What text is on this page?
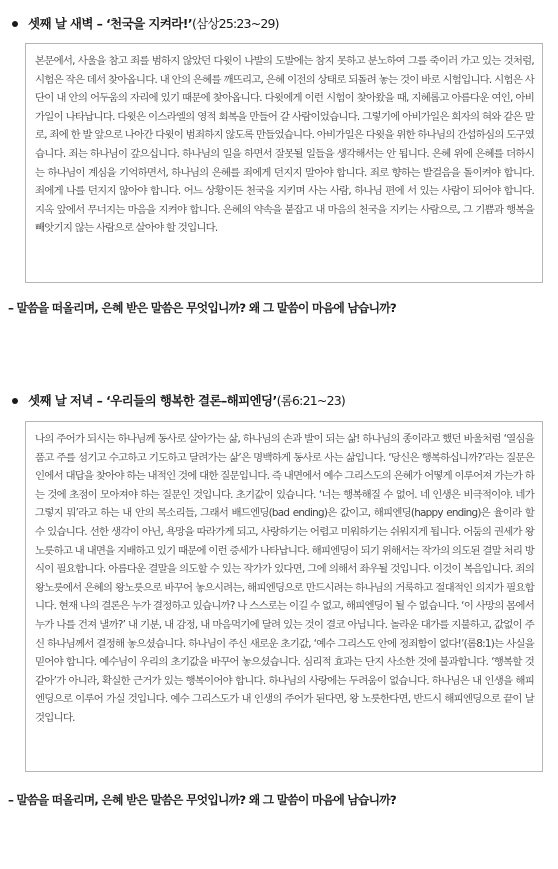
셋째 날 새벽 – ‘천국을 지켜라!’(삼상25:23~29)
본문에서, 사울을 참고 죄를 범하지 않았던 다윗이 나발의 도발에는 참지 못하고 분노하여 그를 죽이러 가고 있는 것처럼, 시험은 작은 데서 찾아옵니다. 내 안의 은혜를 깨뜨리고, 은혜 이전의 상태로 되돌려 놓는 것이 바로 시험입니다. 시험은 사단이 내 안의 어두움의 자리에 있기 때문에 찾아옵니다. 다윗에게 이런 시험이 찾아왔을 때, 지혜롭고 아름다운 여인, 아비가일이 나타납니다. 다윗은 이스라엘의 영적 회복을 만들어 갈 사람이었습니다. 그렇기에 아비가일은 희자의 혀와 같은 말로, 죄에 한 발 앞으로 나아간 다윗이 범죄하지 않도록 만들었습니다. 아비가일은 다윗을 위한 하나님의 간섭하심의 도구였습니다. 죄는 하나님이 갚으십니다. 하나님의 일을 하면서 잘못될 일들을 생각해서는 안 됩니다. 은혜 위에 은혜를 더하시는 하나님이 계심을 기억하면서, 하나님의 은혜를 죄에게 던지지 말아야 합니다. 죄로 향하는 발걸음을 돌이켜야 합니다. 죄에게 나를 던지지 않아야 합니다. 어느 상황이든 천국을 지키며 사는 사람, 하나님 편에 서 있는 사람이 되어야 합니다. 지옥 앞에서 무너지는 마음을 지켜야 합니다. 은혜의 약속을 붙잡고 내 마음의 천국을 지키는 사람으로, 그 기쁨과 행복을 빼앗기지 않는 사람으로 살아야 할 것입니다.
– 말씀을 떠올리며, 은혜 받은 말씀은 무엇입니까? 왜 그 말씀이 마음에 남습니까?
셋째 날 저녁 – ‘우리들의 행복한 결론–해피엔딩’(롬6:21~23)
나의 주어가 되시는 하나님께 동사로 살아가는 삶, 하나님의 손과 발이 되는 삶! 하나님의 종이라고 했던 바울처럼 ‘열심을 품고 주를 섬기고 수고하고 기도하고 달려가는 삶’은 명백하게 동사로 사는 삶입니다. ‘당신은 행복하십니까?’라는 질문은 인에서 대답을 찾아야 하는 내적인 것에 대한 질문입니다. 즉 내면에서 예수 그리스도의 은혜가 어떻게 이루어져 가는가 하는 것에 초점이 모아져야 하는 질문인 것입니다. 초기값이 있습니다. ‘너는 행복해질 수 없어. 네 인생은 비극적이야. 네가 그렇지 뭐’라고 하는 내 안의 목소리들, 그래서 배드엔딩(bad ending)은 값이고, 해피엔딩(happy ending)은 율이라 할 수 있습니다. 선한 생각이 아닌, 욕망을 따라가게 되고, 사랑하기는 어렵고 미워하기는 쉬워지게 됩니다. 어둠의 권세가 왕노릇하고 내 내면을 지배하고 있기 때문에 이런 증세가 나타납니다. 해피엔딩이 되기 위해서는 작가의 의도된 결말 처리 방식이 필요합니다. 아름다운 결말을 의도할 수 있는 작가가 있다면, 그에 의해서 좌우될 것입니다. 이것이 복음입니다. 죄의 왕노릇에서 은혜의 왕노릇으로 바꾸어 놓으시려는, 해피엔딩으로 만드시려는 하나님의 거룩하고 절대적인 의지가 필요합니다. 현재 나의 결론은 누가 결정하고 있습니까? 나 스스로는 이길 수 없고, 해피엔딩이 될 수 없습니다. ‘이 사망의 몸에서 누가 나를 건져 낼까?’ 내 기분, 내 감정, 내 마음먹기에 달려 있는 것이 결코 아닙니다. 놀라운 대가를 지불하고, 값없이 주신 하나님께서 결정해 놓으셨습니다. 하나님이 주신 새로운 초기값, ‘예수 그리스도 안에 정죄함이 없다!’(롬8:1)는 사실을 믿어야 합니다. 예수님이 우리의 초기값을 바꾸어 놓으셨습니다. 심리적 효과는 단지 사소한 것에 불과합니다. ‘행복할 것 같아’가 아니라, 확실한 근거가 있는 행복이어야 합니다. 하나님의 사랑에는 두려움이 없습니다. 하나님은 내 인생을 해피엔딩으로 이루어 가실 것입니다. 예수 그리스도가 내 인생의 주어가 된다면, 왕 노릇한다면, 반드시 해피엔딩으로 끝이 날 것입니다.
– 말씀을 떠올리며, 은혜 받은 말씀은 무엇입니까? 왜 그 말씀이 마음에 남습니까?
